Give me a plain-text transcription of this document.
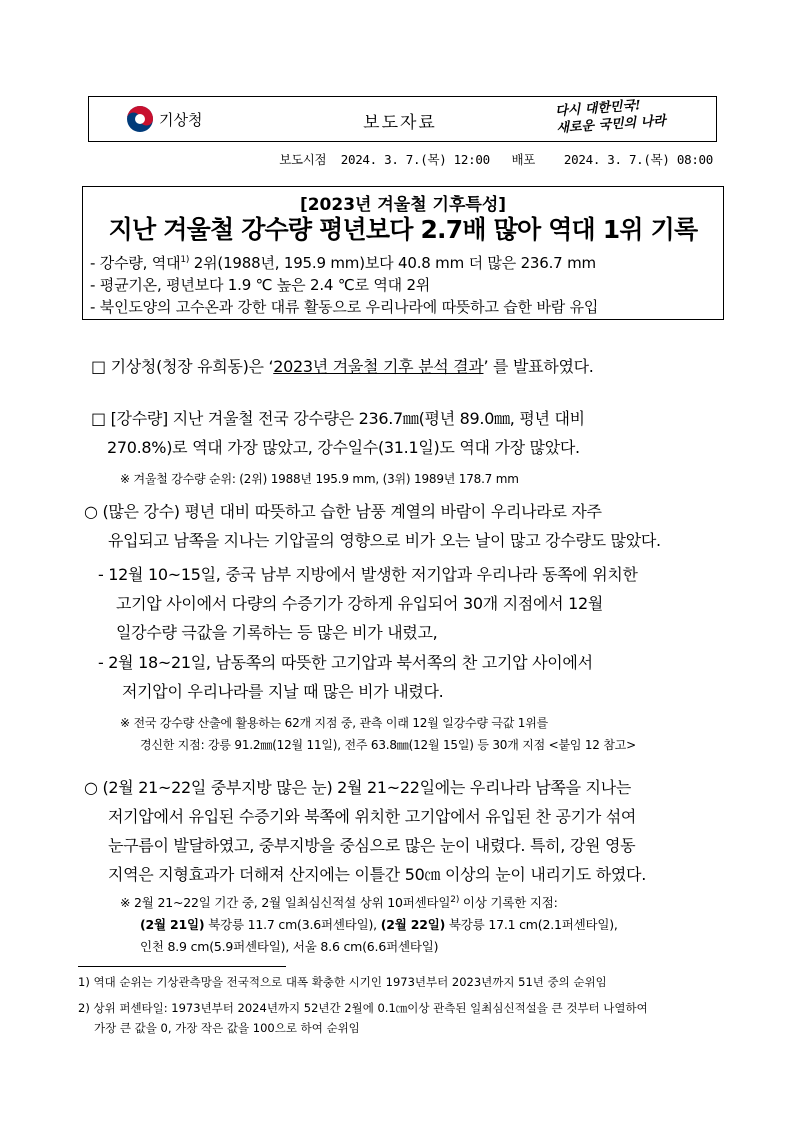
기상청	보도자료
다시 대한민국!
새로운 국민의 나라
보도시점  2024. 3. 7.(목) 12:00   배포    2024. 3. 7.(목) 08:00
[2023년 겨울철 기후특성]
지난 겨울철 강수량 평년보다 2.7배 많아 역대 1위 기록
- 강수량, 역대$^{1)}$ 2위(1988년, 195.9 mm)보다 40.8 mm 더 많은 236.7 mm
- 평균기온, 평년보다 1.9 ℃ 높은 2.4 ℃로 역대 2위
- 북인도양의 고수온과 강한 대류 활동으로 우리나라에 따뜻하고 습한 바람 유입
□ 기상청(청장 유희동)은 ‘2023년 겨울철 기후 분석 결과’ 를 발표하였다.
□ [강수량] 지난 겨울철 전국 강수량은 236.7㎜(평년 89.0㎜, 평년 대비
270.8%)로 역대 가장 많았고, 강수일수(31.1일)도 역대 가장 많았다.
※ 겨울철 강수량 순위: (2위) 1988년 195.9 mm, (3위) 1989년 178.7 mm
○ (많은 강수) 평년 대비 따뜻하고 습한 남풍 계열의 바람이 우리나라로 자주
유입되고 남쪽을 지나는 기압골의 영향으로 비가 오는 날이 많고 강수량도 많았다.
- 12월 10~15일, 중국 남부 지방에서 발생한 저기압과 우리나라 동쪽에 위치한
고기압 사이에서 다량의 수증기가 강하게 유입되어 30개 지점에서 12월
일강수량 극값을 기록하는 등 많은 비가 내렸고,
- 2월 18~21일, 남동쪽의 따뜻한 고기압과 북서쪽의 찬 고기압 사이에서
저기압이 우리나라를 지날 때 많은 비가 내렸다.
※ 전국 강수량 산출에 활용하는 62개 지점 중, 관측 이래 12월 일강수량 극값 1위를
경신한 지점: 강릉 91.2㎜(12월 11일), 전주 63.8㎜(12월 15일) 등 30개 지점 <붙임 12 참고>
○ (2월 21~22일 중부지방 많은 눈) 2월 21~22일에는 우리나라 남쪽을 지나는
저기압에서 유입된 수증기와 북쪽에 위치한 고기압에서 유입된 찬 공기가 섞여
눈구름이 발달하였고, 중부지방을 중심으로 많은 눈이 내렸다. 특히, 강원 영동
지역은 지형효과가 더해져 산지에는 이틀간 50㎝ 이상의 눈이 내리기도 하였다.
※ 2월 21~22일 기간 중, 2월 일최심신적설 상위 10퍼센타일$^{2)}$ 이상 기록한 지점:
(2월 21일) 북강릉 11.7 cm(3.6퍼센타일), (2월 22일) 북강릉 17.1 cm(2.1퍼센타일),
인천 8.9 cm(5.9퍼센타일), 서울 8.6 cm(6.6퍼센타일)
1) 역대 순위는 기상관측망을 전국적으로 대폭 확충한 시기인 1973년부터 2023년까지 51년 중의 순위임
2) 상위 퍼센타일: 1973년부터 2024년까지 52년간 2월에 0.1㎝이상 관측된 일최심신적설을 큰 것부터 나열하여
가장 큰 값을 0, 가장 작은 값을 100으로 하여 순위임
